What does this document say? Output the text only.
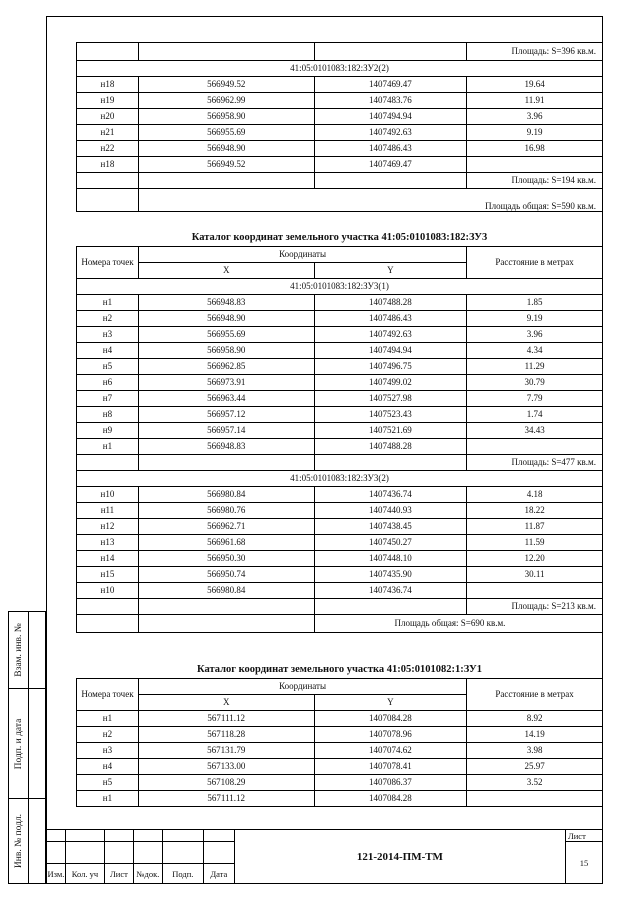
			Площадь: S=396 кв.м.
41:05:0101083:182:ЗУ2(2)			
н18	566949.52	1407469.47	19.64
н19	566962.99	1407483.76	11.91
н20	566958.90	1407494.94	3.96
н21	566955.69	1407492.63	9.19
н22	566948.90	1407486.43	16.98
н18	566949.52	1407469.47	
			Площадь: S=194 кв.м.
	Площадь общая: S=590 кв.м.		
Каталог координат земельного участка 41:05:0101083:182:ЗУ3
Номера точек	Координаты		Расстояние в метрах
	X	Y	
41:05:0101083:182:ЗУ3(1)			
н1	566948.83	1407488.28	1.85
н2	566948.90	1407486.43	9.19
н3	566955.69	1407492.63	3.96
н4	566958.90	1407494.94	4.34
н5	566962.85	1407496.75	11.29
н6	566973.91	1407499.02	30.79
н7	566963.44	1407527.98	7.79
н8	566957.12	1407523.43	1.74
н9	566957.14	1407521.69	34.43
н1	566948.83	1407488.28	
			Площадь: S=477 кв.м.
41:05:0101083:182:ЗУ3(2)			
н10	566980.84	1407436.74	4.18
н11	566980.76	1407440.93	18.22
н12	566962.71	1407438.45	11.87
н13	566961.68	1407450.27	11.59
н14	566950.30	1407448.10	12.20
н15	566950.74	1407435.90	30.11
н10	566980.84	1407436.74	
			Площадь: S=213 кв.м.
		Площадь общая: S=690 кв.м.	
Каталог координат земельного участка 41:05:0101082:1:ЗУ1
Номера точек	Координаты		Расстояние в метрах
	X	Y	
н1	567111.12	1407084.28	8.92
н2	567118.28	1407078.96	14.19
н3	567131.79	1407074.62	3.98
н4	567133.00	1407078.41	25.97
н5	567108.29	1407086.37	3.52
н1	567111.12	1407084.28	
Взам. инв. №
Подп. и дата
Инв. № подл.
							121-2014-ПМ-ТМ	Лист
							15
Изм.	Кол. уч	Лист	№док.	Подп.	Дата		
